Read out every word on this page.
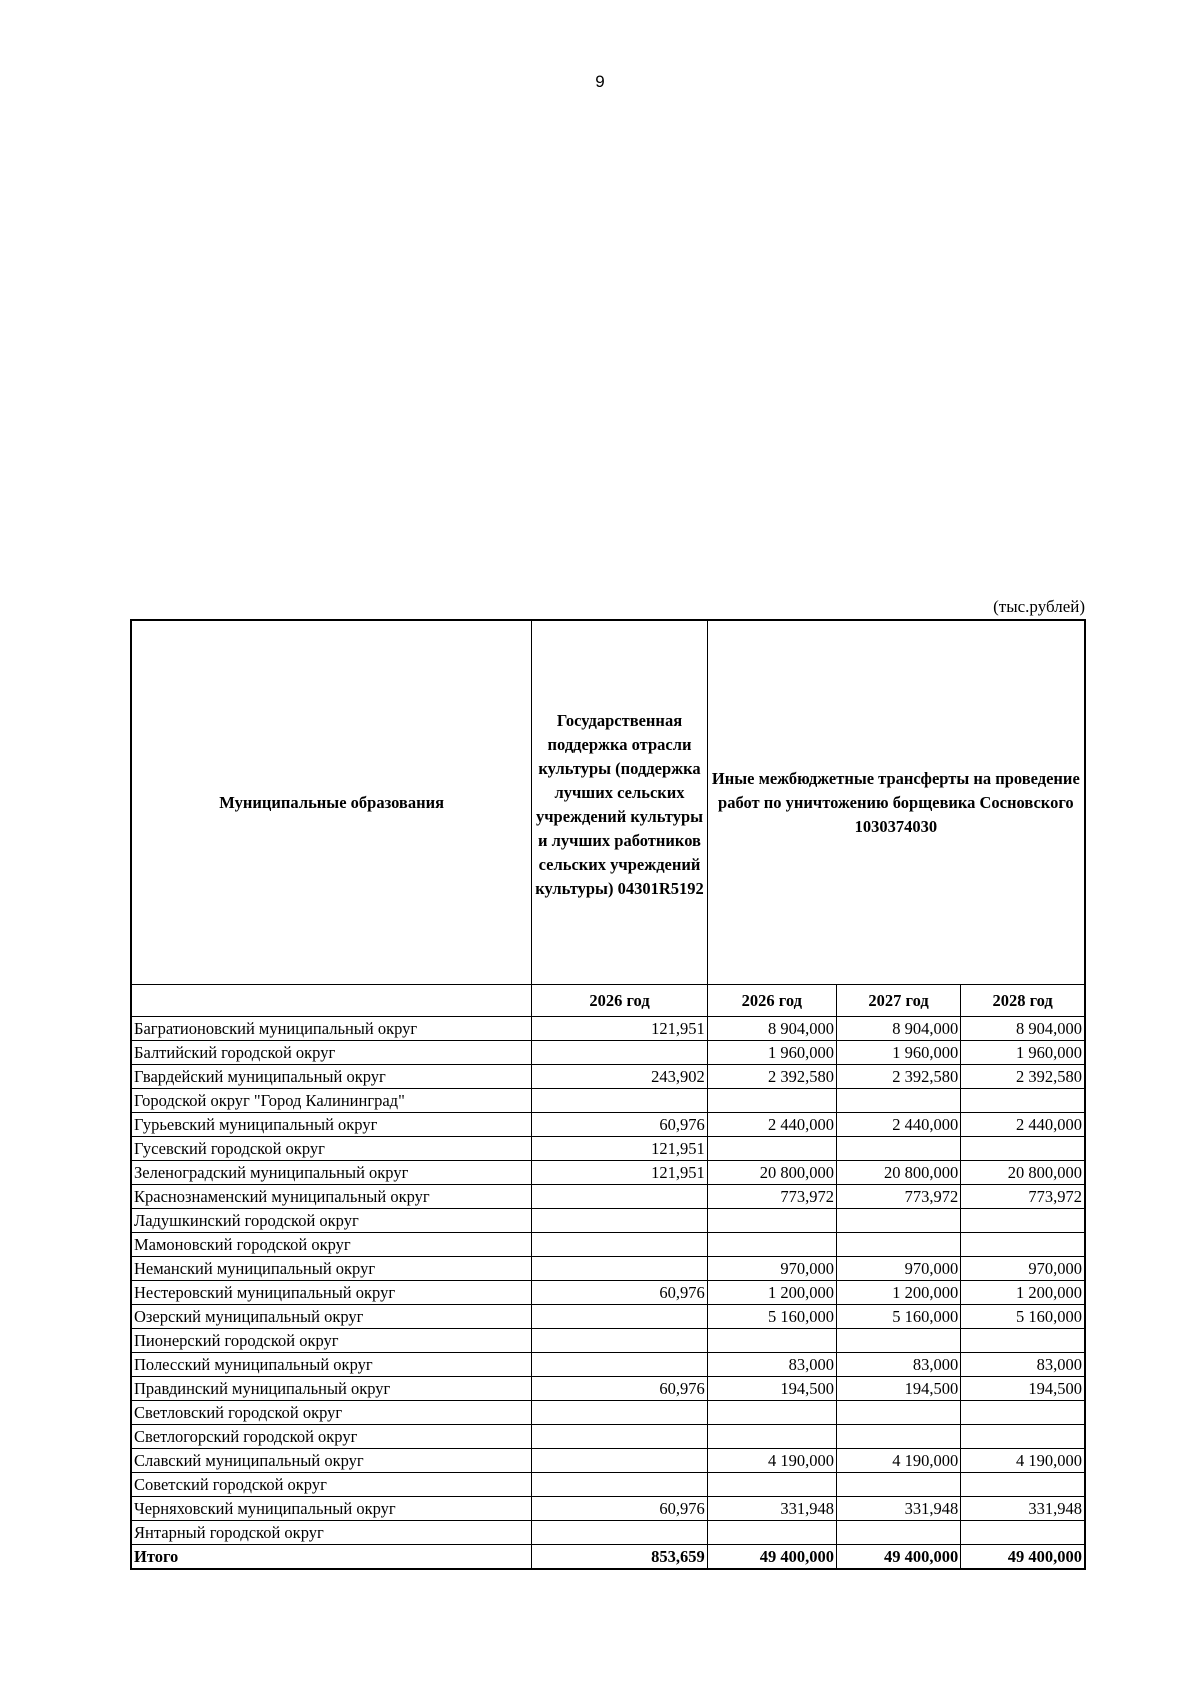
9
(тыс.рублей)
Муниципальные образования	Государственная поддержка отрасли культуры (поддержка лучших сельских учреждений культуры и лучших работников сельских учреждений культуры) 04301R5192	Иные межбюджетные трансферты на проведение работ по уничтожению борщевика Сосновского 1030374030		
	2026 год	2026 год	2027 год	2028 год
Багратионовский муниципальный округ	121,951	8 904,000	8 904,000	8 904,000
Балтийский городской округ		1 960,000	1 960,000	1 960,000
Гвардейский муниципальный округ	243,902	2 392,580	2 392,580	2 392,580
Городской округ "Город Калининград"				
Гурьевский муниципальный округ	60,976	2 440,000	2 440,000	2 440,000
Гусевский городской округ	121,951			
Зеленоградский муниципальный округ	121,951	20 800,000	20 800,000	20 800,000
Краснознаменский муниципальный округ		773,972	773,972	773,972
Ладушкинский городской округ				
Мамоновский городской округ				
Неманский муниципальный округ		970,000	970,000	970,000
Нестеровский муниципальный округ	60,976	1 200,000	1 200,000	1 200,000
Озерский муниципальный округ		5 160,000	5 160,000	5 160,000
Пионерский городской округ				
Полесский муниципальный округ		83,000	83,000	83,000
Правдинский муниципальный округ	60,976	194,500	194,500	194,500
Светловский городской округ				
Светлогорский городской округ				
Славский муниципальный округ		4 190,000	4 190,000	4 190,000
Советский городской округ				
Черняховский муниципальный округ	60,976	331,948	331,948	331,948
Янтарный городской округ				
Итого	853,659	49 400,000	49 400,000	49 400,000
